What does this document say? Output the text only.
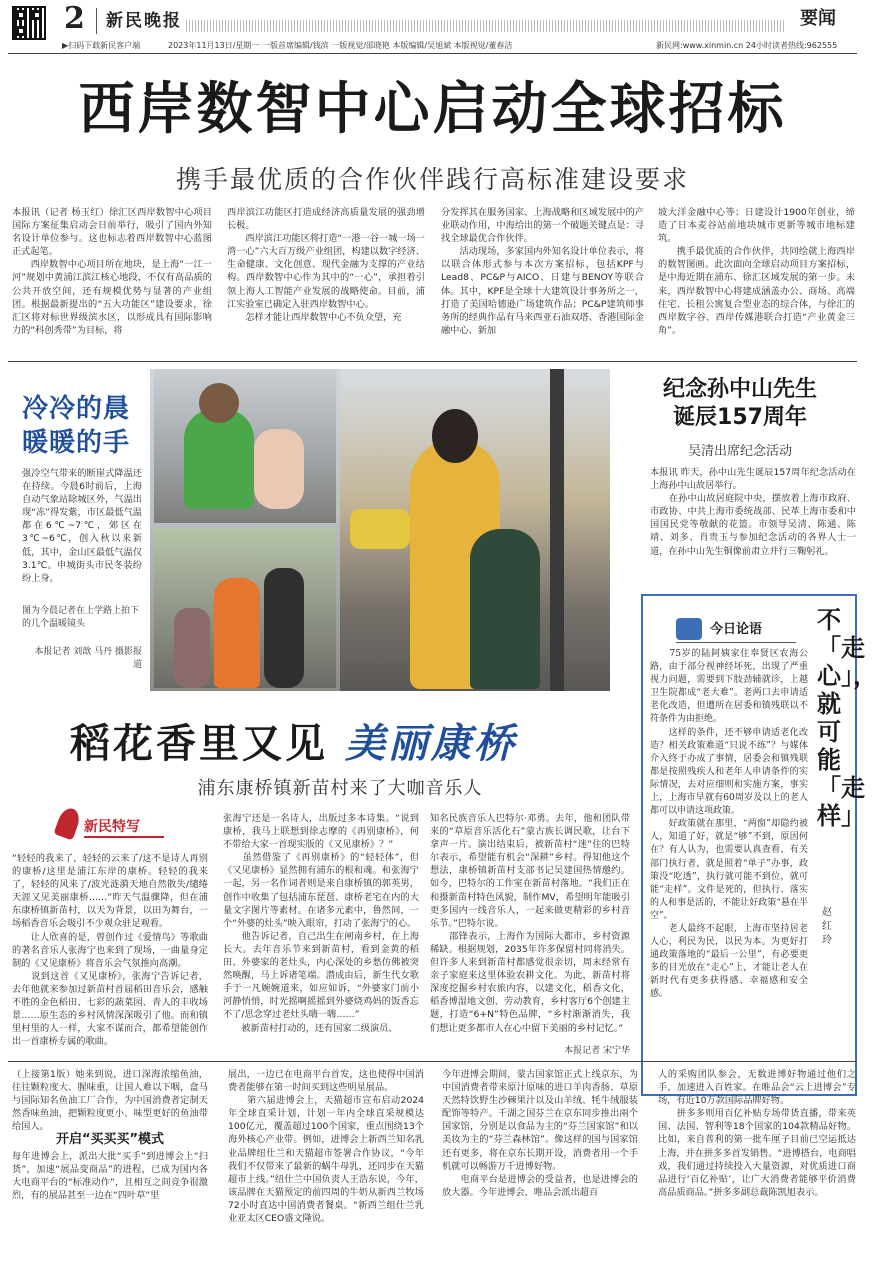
2 新民晚报	要闻
▶扫码下载新民客户端	2023年11月13日/星期一 一版首席编辑/钱滨 一版视觉/邵晓艳 本版编辑/吴旭斌 本版视觉/董春洁	新民网:www.xinmin.cn 24小时读者热线:962555
西岸数智中心启动全球招标
携手最优质的合作伙伴践行高标准建设要求
本报讯（记者 杨玉红）徐汇区西岸数智中心项目国际方案征集启动会日前举行，吸引了国内外知名设计单位参与。这也标志着西岸数智中心蓝图正式起笔。
　　西岸数智中心项目所在地块，是上海“一江一河”规划中黄浦江滨江核心地段，不仅有高品质的公共开放空间，还有规模优势与显著的产业组团。根据最新提出的“五大功能区”建设要求，徐汇区将对标世界级滨水区，以形成具有国际影响力的“科创秀带”为目标，将
西岸滨江功能区打造成经济高质量发展的强劲增长极。
　　西岸滨江功能区将打造“一港一谷一城一场一湾一心”六大百万级产业组团，构建以数字经济、生命健康、文化创意、现代金融为支撑的产业结构。西岸数智中心作为其中的“一心”，承担着引领上海人工智能产业发展的战略使命。目前，浦江实验室已确定入驻西岸数智中心。
　　怎样才能让西岸数智中心不负众望，充
分发挥其在服务国家、上海战略和区域发展中的产业联动作用，中海给出的第一个破题关键点是：寻找全球最优合作伙伴。
　　活动现场，多家国内外知名设计单位表示，将以联合体形式参与本次方案招标，包括KPF与Lead8、PC&P与AICO、日建与BENOY等联合体。其中，KPF是全球十大建筑设计事务所之一，打造了美国哈德逊广场建筑作品；PC&P建筑师事务所的经典作品有马来西亚石油双塔、香港国际金融中心、新加
坡大洋金融中心等；日建设计1900年创业，缔造了日本麦谷站前地块城市更新等城市地标建筑。
　　携手最优质的合作伙伴，共同绘就上海西岸的数智图画。此次面向全球启动项目方案招标，是中海近期在浦东、徐汇区域发展的第一步。未来，西岸数智中心将建成涵盖办公、商场、高端住宅、长租公寓复合型业态的综合体，与徐汇的西岸数字谷、西岸传媒港联合打造“产业黄金三角”。
冷冷的晨
暖暖的手
强冷空气带来的断崖式降温还在持续。今晨6时前后，上海自动气象站除城区外，气温出现“冻”得发紫，市区最低气温都在6℃~7℃，郊区在3℃~6℃，创入秋以来新低，其中，金山区最低气温仅3.1℃。申城街头市民冬装纷纷上身。
图为今晨记者在上学路上拍下的几个温暖镜头
本报记者 刘歆 马丹 摄影报道
纪念孙中山先生
诞辰157周年
吴清出席纪念活动
本报讯 昨天，孙中山先生诞辰157周年纪念活动在上海孙中山故居举行。
　　在孙中山故居庭院中央，摆放着上海市政府、市政协、中共上海市委统战部、民革上海市委和中国国民党等敬献的花篮。市领导吴清、陈通、陈靖、刘多、肖贵玉与参加纪念活动的各界人士一道，在孙中山先生铜像前肃立并行三鞠躬礼。
今日论语 不「走心」，就可能「走样」
赵红玲
　　75岁的陆阿姨家住奉贤区农海公路，由于部分视神经坏死，出现了严重视力问题，需要到下肢劲辅就诊，上越卫生院都成“老大难”。老两口去申请适老化改造，但遭所在居委和镇残联以不符条件为由拒绝。
　　这样的条件，还不够申请适老化改造？相关政策难道“只说不练”？与媒体介入终于办成了事情，居委会和镇残联都是按照残疾人和老年人申请条件的实际情况，去对应细则和实施方案，事实上，上海市早就有60周岁及以上的老人都可以申请这项政策。
　　好政策就在那里，“两窗”却隐约被人，知道了好，就是“够”不到，原因何在？有人认为，也需要认真查看、有关部门执行者，就是照着“单子”办事，政策没“吃透”，执行就可能不到位，就可能“走样”。文件是死的，但执行、落实的人和事是活的，不能让好政策“悬在半空”。
　　老人最终不起眼，上海市坚持居老人心，利民为民，以民为本。为更好打通政策落地的“最后一公里”，有必要更多的目光放在“走心”上，才能让老人在新时代有更多获得感、幸福感和安全感。
稻花香里又见 美丽康桥
浦东康桥镇新苗村来了大咖音乐人
新民特写
“轻轻的我来了，轻轻的云来了/这不是诗人再别的康桥/这里是浦江东岸的康桥。轻轻的我来了，轻轻的风来了/波光涟漪天地自然散失/缱绻天涯又见美丽康桥……”昨天气温骤降，但在浦东康桥镇新苗村，以天为背景，以田为舞台，一场稻香音乐会吸引不少观众驻足观看。
　　让人欣喜的是，曾创作过《爱情鸟》等歌曲的著名音乐人张海宁也来到了现场，一曲量身定制的《又见康桥》将音乐会气氛推向高潮。
　　说到这首《又见康桥》，张海宁告诉记者，去年他就来参加过新苗村首届稻田音乐会，感触不胜的金色稻田、七彩的蔬菜园、青人的丰收场景……原生态的乡村风情深深吸引了他。而和镇里村里的人一样，大家不谋而合，都希望能创作出一首康桥专属的歌曲。
张海宁还是一名诗人，出版过多本诗集。“说到康桥，我马上联想到徐志摩的《再别康桥》，何不带给大家一首现实版的《又见康桥》？”
　　虽然借鉴了《再别康桥》的“轻轻体”，但《又见康桥》显然拥有浦东的根和魂。和张海宁一起，另一名作词者则是来自康桥镇的郭英男，创作中收集了包括浦东琵琶、康桥老宅在内的大量文字图片等素材。在诸多元素中，鲁然间，一个“外婆的灶头”映入眼帘，打动了张海宁的心。
　　他告诉记者，自己出生在闸南乡村，在上海长大。去年音乐节来到新苗村，看到金黄的稻田、外婆家的老灶头，内心深处的乡愁仿佛被突然唤醒，马上诉诸笔端。潜成由后，新生代女歌手于一凡婉婉道来，如应如诉，“外婆家门前小河静悄悄，时光摇啊摇摇到外婆烧鸡妈的饭香忘不了/思念穿过老灶头嗨一嗨……”
　　被新苗村打动的，还有国家二级演员、
知名民族音乐人巴特尔·邓勇。去年，他和团队带来的“草原音乐活化石”蒙古族长调民歌，让台下拿声一片。演出结束后，被新苗村“迷”住的巴特尔表示，希望能有机会“深耕”乡村。得知他这个想法，康桥镇新苗村支部书记吴建国热情邀约。如今，巴特尔的工作室在新苗村落地。“我们正在和摄新苗村特色风貌，制作MV，希望明年能吸引更多国内一线音乐人，一起来做更精彩的乡村音乐节。”巴特尔说。
　　邵锋表示，上海作为国际大都市，乡村资源稀缺。根据规划，2035年许多保留村同将消失。但许多人来到新苗村都感觉很亲切，周末经常有亲子家庭来这里体验农耕文化。为此，新苗村将深度挖掘乡村农旅内容，以建文化，稻香文化，稻香博湿地文创、劳动教育，乡村客厅6个创建主题，打造“6+N”特色品牌，“乡村渐渐消失，我们想让更多都市人在心中留下美丽的乡村记忆。”
本报记者 宋宁华
（上接第1版）她来到说，进口深海浓缩鱼油，往往颗粒度大、腥味重，让国人难以下咽，盒马与国际知名鱼油工厂合作，为中国消费者定制天然香味鱼油，把颗粒度更小、味型更好的鱼油带给国人。
开启“买买买”模式
每年进博会上，派出大批“买手”到进博会上“扫货”，加速“展品变商品”的进程，已成为国内各大电商平台的“标准动作”，且相互之间竞争很激烈，有的展品甚至一边在“四叶草”里
展出，一边已在电商平台首发，这也使得中国消费者能够在第一时间买到这些明星展品。
　　第六届进博会上，天猫超市宣布启动2024年全球直采计划，计划一年内全球直采规模达100亿元，覆盖超过100个国家，重点围绕13个海外核心产业带。例如，进博会上新西兰知名乳业品牌纽仕兰和天猫超市签署合作协议，“今年我们不仅带来了最新的蜗牛母乳，还同步在天猫超市上线。”纽仕兰中国负责人王浩东说，今年，该品牌在天猫预定的前四周的牛奶从新西兰牧场72小时直达中国消费者餐桌。“新西兰组仕兰乳业亚太区CEO盛文隆说。
今年进博会期间，蒙古国家馆正式上线京东，为中国消费者带来原汁原味的进口羊肉香肠、草原天然特饮野生沙棘果汁以及山羊绒、牦牛绒服装配饰等特产。千湖之国芬兰在京东同步推出兩个国家馆，分别是以食品为主的“芬兰国家馆”和以美妆为主的“芬兰森林馆”。像这样的国与国家馆还有更多，将在京东长期开设，消费者用一个手机就可以畅游万千进博好物。
　　电商平台是进博会的受益者，也是进博会的放大器。今年进博会，唯品会派出超百
人的采购团队参会，无数进博好物通过他们之手，加速进入百姓家。在唯品会“云上进博会”专场，有近10万款国际品牌好物。
　　拼多多则用百亿补贴专场带货直播，带来英国、法国、智利等18个国家的104款精品好物。比如，来自普利的第一批车厘子目前已空运抵达上海，并在拼多多首发销售。“进博搭台，电商唱戏，我们通过持续投入大量资源，对优质进口商品进行‘百亿补贴’，让广大消费者能够平价消费高品质商品。”拼多多副总裁陈凯旭表示。
